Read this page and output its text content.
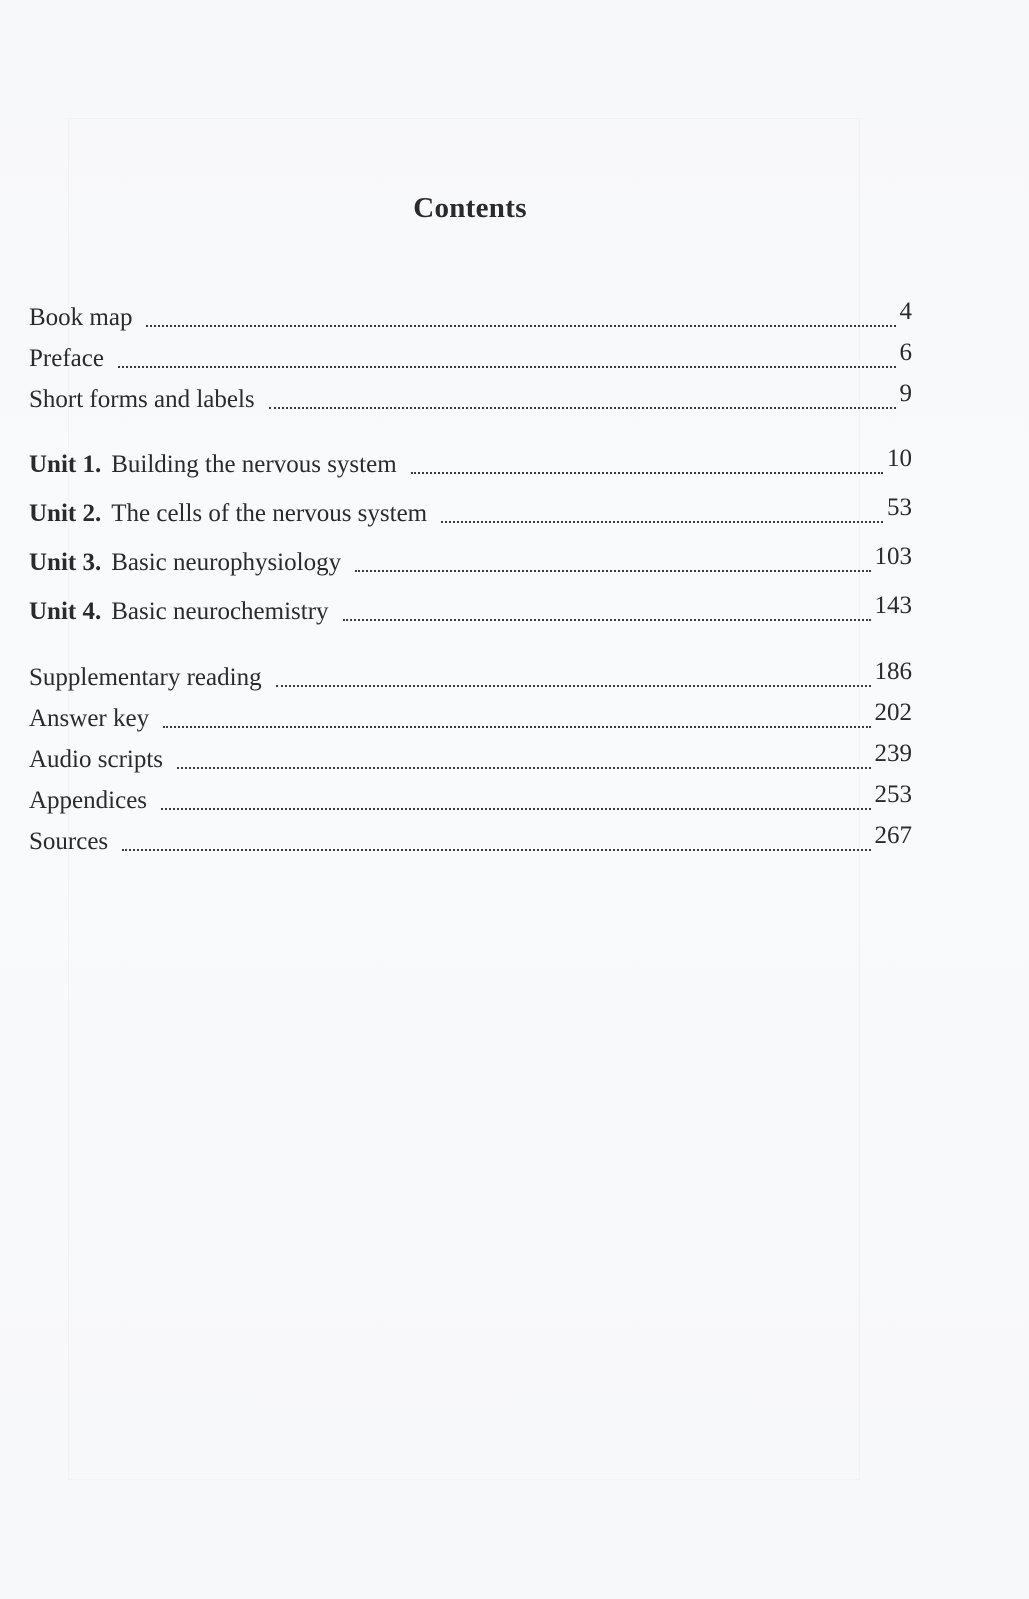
Contents
Book map	4
Preface	6
Short forms and labels	9
Unit 1. Building the nervous system	10
Unit 2. The cells of the nervous system	53
Unit 3. Basic neurophysiology	103
Unit 4. Basic neurochemistry	143
Supplementary reading	186
Answer key	202
Audio scripts	239
Appendices	253
Sources	267
